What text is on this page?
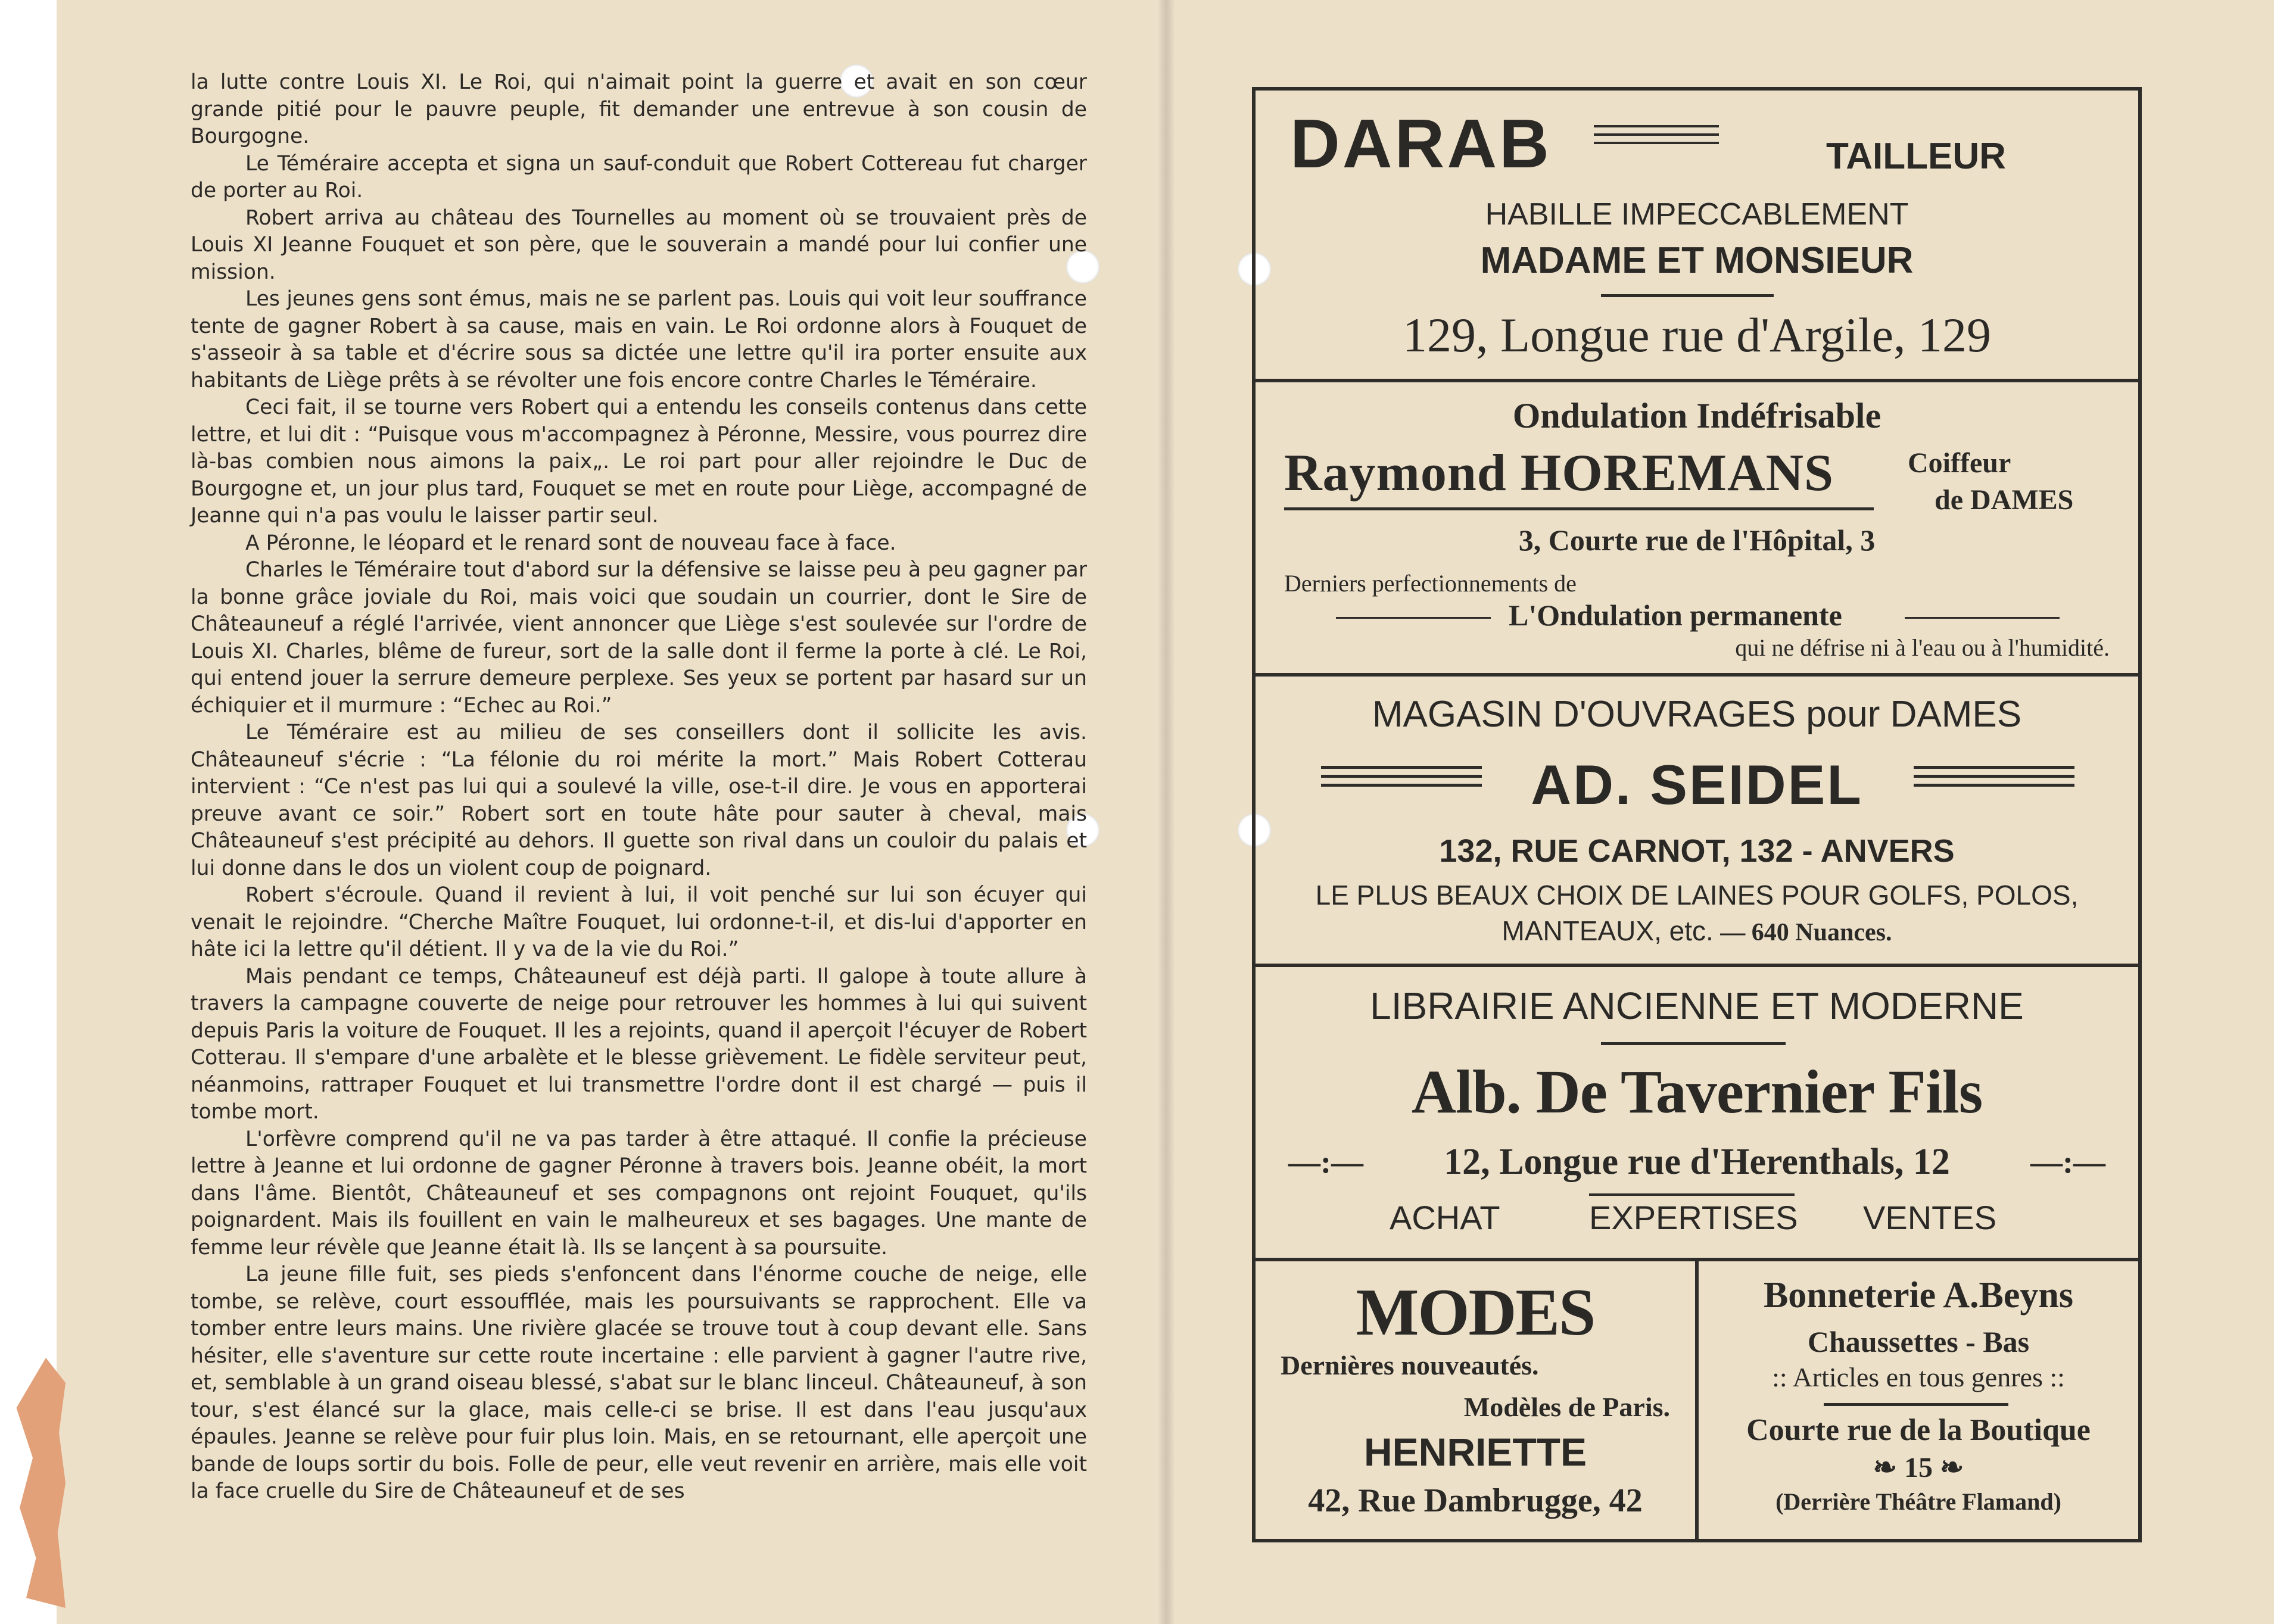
la lutte contre Louis XI. Le Roi, qui n'aimait point la guerre et avait en son cœur grande pitié pour le pauvre peuple, fit demander une entrevue à son cousin de Bourgogne.

Le Téméraire accepta et signa un sauf-conduit que Robert Cottereau fut charger de porter au Roi.

Robert arriva au château des Tournelles au moment où se trouvaient près de Louis XI Jeanne Fouquet et son père, que le souverain a mandé pour lui confier une mission.

Les jeunes gens sont émus, mais ne se parlent pas. Louis qui voit leur souffrance tente de gagner Robert à sa cause, mais en vain. Le Roi ordonne alors à Fouquet de s'asseoir à sa table et d'écrire sous sa dictée une lettre qu'il ira porter ensuite aux habitants de Liège prêts à se révolter une fois encore contre Charles le Téméraire.

Ceci fait, il se tourne vers Robert qui a entendu les conseils contenus dans cette lettre, et lui dit : “Puisque vous m'accompagnez à Péronne, Messire, vous pourrez dire là-bas combien nous aimons la paix„. Le roi part pour aller rejoindre le Duc de Bourgogne et, un jour plus tard, Fouquet se met en route pour Liège, accompagné de Jeanne qui n'a pas voulu le laisser partir seul.

A Péronne, le léopard et le renard sont de nouveau face à face.

Charles le Téméraire tout d'abord sur la défensive se laisse peu à peu gagner par la bonne grâce joviale du Roi, mais voici que soudain un courrier, dont le Sire de Châteauneuf a réglé l'arrivée, vient annoncer que Liège s'est soulevée sur l'ordre de Louis XI. Charles, blême de fureur, sort de la salle dont il ferme la porte à clé. Le Roi, qui entend jouer la serrure demeure perplexe. Ses yeux se portent par hasard sur un échiquier et il murmure : “Echec au Roi.”

Le Téméraire est au milieu de ses conseillers dont il sollicite les avis. Châteauneuf s'écrie : “La félonie du roi mérite la mort.” Mais Robert Cotterau intervient : “Ce n'est pas lui qui a soulevé la ville, ose-t-il dire. Je vous en apporterai preuve avant ce soir.” Robert sort en toute hâte pour sauter à cheval, mais Châteauneuf s'est précipité au dehors. Il guette son rival dans un couloir du palais et lui donne dans le dos un violent coup de poignard.

Robert s'écroule. Quand il revient à lui, il voit penché sur lui son écuyer qui venait le rejoindre. “Cherche Maître Fouquet, lui ordonne-t-il, et dis-lui d'apporter en hâte ici la lettre qu'il détient. Il y va de la vie du Roi.”

Mais pendant ce temps, Châteauneuf est déjà parti. Il galope à toute allure à travers la campagne couverte de neige pour retrouver les hommes à lui qui suivent depuis Paris la voiture de Fouquet. Il les a rejoints, quand il aperçoit l'écuyer de Robert Cotterau. Il s'empare d'une arbalète et le blesse grièvement. Le fidèle serviteur peut, néanmoins, rattraper Fouquet et lui transmettre l'ordre dont il est chargé — puis il tombe mort.

L'orfèvre comprend qu'il ne va pas tarder à être attaqué. Il confie la précieuse lettre à Jeanne et lui ordonne de gagner Péronne à travers bois. Jeanne obéit, la mort dans l'âme. Bientôt, Châteauneuf et ses compagnons ont rejoint Fouquet, qu'ils poignardent. Mais ils fouillent en vain le malheureux et ses bagages. Une mante de femme leur révèle que Jeanne était là. Ils se lançent à sa poursuite.

La jeune fille fuit, ses pieds s'enfoncent dans l'énorme couche de neige, elle tombe, se relève, court essoufflée, mais les poursuivants se rapprochent. Elle va tomber entre leurs mains. Une rivière glacée se trouve tout à coup devant elle. Sans hésiter, elle s'aventure sur cette route incertaine : elle parvient à gagner l'autre rive, et, semblable à un grand oiseau blessé, s'abat sur le blanc linceul. Châteauneuf, à son tour, s'est élancé sur la glace, mais celle-ci se brise. Il est dans l'eau jusqu'aux épaules. Jeanne se relève pour fuir plus loin. Mais, en se retournant, elle aperçoit une bande de loups sortir du bois. Folle de peur, elle veut revenir en arrière, mais elle voit la face cruelle du Sire de Châteauneuf et de ses

DARAB	TAILLEUR
HABILLE IMPECCABLEMENT
MADAME ET MONSIEUR
129, Longue rue d'Argile, 129
Ondulation Indéfrisable
Raymond HOREMANS	Coiffeur
de DAMES
3, Courte rue de l'Hôpital, 3
Derniers perfectionnements de
L'Ondulation permanente
qui ne défrise ni à l'eau ou à l'humidité.
MAGASIN D'OUVRAGES pour DAMES
AD. SEIDEL
132, RUE CARNOT, 132 - ANVERS
LE PLUS BEAUX CHOIX DE LAINES POUR GOLFS, POLOS,
MANTEAUX, etc. — 640 Nuances.
LIBRAIRIE ANCIENNE ET MODERNE
Alb. De Tavernier Fils
—:—	12, Longue rue d'Herenthals, 12	—:—
ACHAT	EXPERTISES VENTES
MODES
Dernières nouveautés.
Modèles de Paris.
HENRIETTE
42, Rue Dambrugge, 42
Bonneterie A.Beyns
Chaussettes - Bas
:: Articles en tous genres ::
Courte rue de la Boutique
❧ 15 ❧
(Derrière Théâtre Flamand)
